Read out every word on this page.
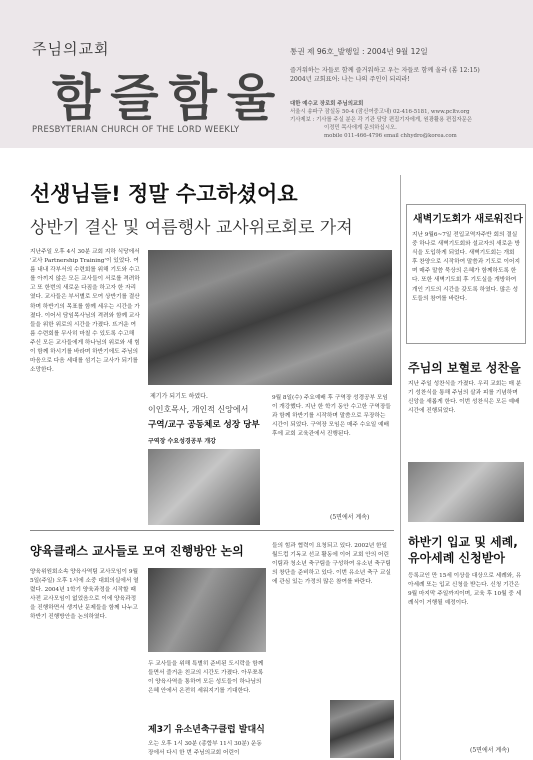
주님의교회
함즐함울
PRESBYTERIAN CHURCH OF THE LORD WEEKLY
통권 제 96호_발행일 : 2004년 9월 12일
즐거워하는 자들로 함께 즐거워하고 우는 자들로 함께 울라 (롬 12:15)
2004년 교회표어: 나는 나의 주인이 되리라!
대한 예수교 장로회 주님의교회
서울시 송파구 잠실동 50-4 (잠신여중고내) 02-416-5181, www.pcltv.org
기사제보 : 기사를 주실 분은 각 기관 담당 편집기자에게, 원광활용 편집자문은
이정민 목사에게 문의하십시오.
mobile 011-466-4796 email chhydro@korea.com
선생님들! 정말 수고하셨어요
상반기 결산 및 여름행사 교사위로회로 가져
지난주일 오후 4시 30분 교회 지하 식당에서 '교사 Partnership Training'이 있었다. 여름 내내 각부서의 수련회를 위해 기도와 수고를 아끼지 않은 모든 교사들이 서로를 격려하고 또 한번의 새로운 다짐을 하고자 한 자리였다. 교사들은 부서별로 모여 상반기를 결산하며 하반기의 목표를 함께 세우는 시간을 가졌다. 이어서 담임목사님의 격려와 함께 교사들을 위한 위로의 시간을 가졌다. 뜨거운 여름 수련회를 무사히 마칠 수 있도록 수고해 주신 모든 교사들에게 하나님의 위로와 새 힘이 함께 하시기를 바라며 하반기에도 주님의 마음으로 다음 세대를 섬기는 교사가 되기를 소망한다.
제기가 되기도 하였다.
이인호목사, 개인적 신앙에서
구역/교구 공동체로 성장 당부
구역장 수요성경공부 개강
9월 8일(수) 주요예배 후 구역장 성경공부 모임이 개강했다. 지난 한 학기 동안 수고한 구역장들과 함께 하반기를 시작하며 말씀으로 무장하는 시간이 되었다. 구역장 모임은 매주 수요일 예배 후에 교회 교육관에서 진행된다.
(5면에서 계속)
양육클래스 교사들로 모여 진행방안 논의
양육위원회소속 양육사역팀 교사모임이 9월 5일(주일) 오후 1시에 소중 대회의실에서 열렸다. 2004년 1학기 양육과정을 시작할 때 사전 교사모임이 없었음으로 이에 양육과정을 진행하면서 생겨난 문제들을 함께 나누고 하반기 진행방안을 논의하였다.
두 교사들을 위해 특별히 준비된 도시락을 함께 들면서 즐거운 친교의 시간도 가졌다. 아무쪼록 이 양육사역을 통하여 모든 성도들이 하나님의 은혜 안에서 온전히 세워지기를 기대한다.
제3기 유소년축구클럽 발대식
오는 오후 1시 30분 (종합부 11시 30분) 운동장에서 다시 한 번 주님의교회 어린이
들의 힘과 협력이 요청되고 있다. 2002년 한일 월드컵 기독교 선교 활동에 이어 교회 안의 어린이팀과 청소년 축구팀을 구성하여 유소년 축구팀의 창단을 준비하고 있다. 이번 유소년 축구 교실에 관심 있는 가정의 많은 참여를 바란다.
새벽기도회가 새로워진다
지난 9월6~7일 전입교역자주반 회의 결실 중 하나로 새벽기도회와 설교자의 새로운 방식을 도입하게 되었다. 새벽기도회는 개회 후 찬양으로 시작하여 말씀과 기도로 이어지며 매주 말씀 묵상의 은혜가 함께하도록 한다. 또한 새벽기도회 후 기도실을 개방하여 개인 기도의 시간을 갖도록 하였다. 많은 성도들의 참여를 바란다.
주님의 보혈로 성찬을
지난 주일 성찬식을 가졌다. 우리 교회는 매 분기 성찬식을 통해 주님의 살과 피를 기념하며 신앙을 새롭게 한다. 이번 성찬식은 모든 예배 시간에 진행되었다.
하반기 입교 및 세례, 유아세례 신청받아
등록교인 만 15세 이상을 대상으로 세례와, 유아세례 또는 입교 신청을 받는다. 신청 기간은 9월 마지막 주일까지이며, 교육 후 10월 중 세례식이 거행될 예정이다.
(5면에서 계속)
